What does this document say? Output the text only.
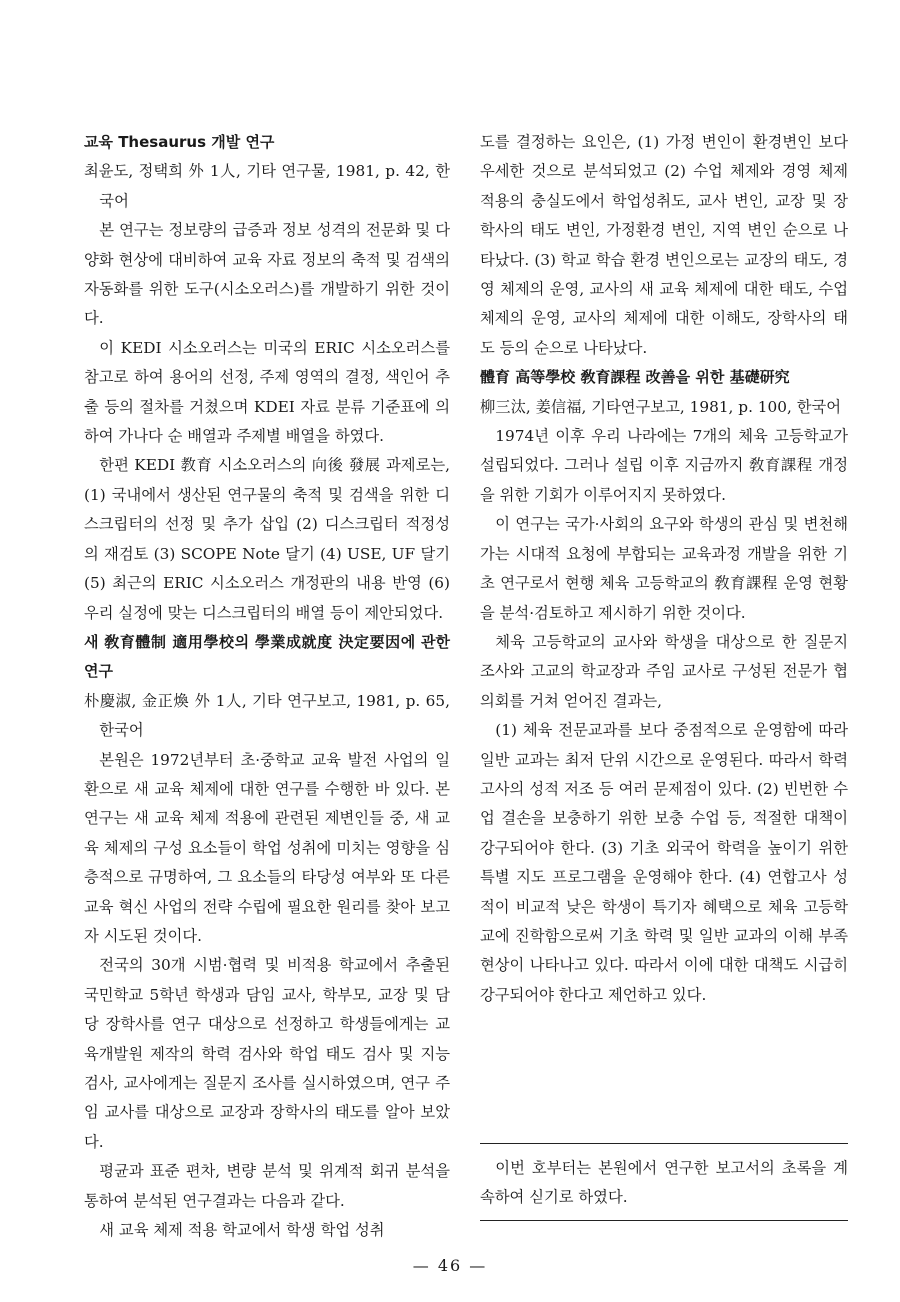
교육 Thesaurus 개발 연구

최윤도, 정택희 外 1人, 기타 연구물, 1981, p. 42, 한국어

본 연구는 정보량의 급증과 정보 성격의 전문화 및 다양화 현상에 대비하여 교육 자료 정보의 축적 및 검색의 자동화를 위한 도구(시소오러스)를 개발하기 위한 것이다.

이 KEDI 시소오러스는 미국의 ERIC 시소오러스를 참고로 하여 용어의 선정, 주제 영역의 결정, 색인어 추출 등의 절차를 거쳤으며 KDEI 자료 분류 기준표에 의하여 가나다 순 배열과 주제별 배열을 하였다.

한편 KEDI 教育 시소오러스의 向後 發展 과제로는, (1) 국내에서 생산된 연구물의 축적 및 검색을 위한 디스크립터의 선정 및 추가 삽입 (2) 디스크립터 적정성의 재검토 (3) SCOPE Note 달기 (4) USE, UF 달기 (5) 최근의 ERIC 시소오러스 개정판의 내용 반영 (6) 우리 실정에 맞는 디스크립터의 배열 등이 제안되었다.

새 敎育體制 適用學校의 學業成就度 決定要因에 관한 연구

朴慶淑, 金正煥 外 1人, 기타 연구보고, 1981, p. 65, 한국어

본원은 1972년부터 초·중학교 교육 발전 사업의 일환으로 새 교육 체제에 대한 연구를 수행한 바 있다. 본 연구는 새 교육 체제 적용에 관련된 제변인들 중, 새 교육 체제의 구성 요소들이 학업 성취에 미치는 영향을 심층적으로 규명하여, 그 요소들의 타당성 여부와 또 다른 교육 혁신 사업의 전략 수립에 필요한 원리를 찾아 보고자 시도된 것이다.

전국의 30개 시범·협력 및 비적용 학교에서 추출된 국민학교 5학년 학생과 담임 교사, 학부모, 교장 및 담당 장학사를 연구 대상으로 선정하고 학생들에게는 교육개발원 제작의 학력 검사와 학업 태도 검사 및 지능 검사, 교사에게는 질문지 조사를 실시하였으며, 연구 주임 교사를 대상으로 교장과 장학사의 태도를 알아 보았다.

평균과 표준 편차, 변량 분석 및 위계적 회귀 분석을 통하여 분석된 연구결과는 다음과 같다.

새 교육 체제 적용 학교에서 학생 학업 성취

도를 결정하는 요인은, (1) 가정 변인이 환경변인 보다 우세한 것으로 분석되었고 (2) 수업 체제와 경영 체제 적용의 충실도에서 학업성취도, 교사 변인, 교장 및 장학사의 태도 변인, 가정환경 변인, 지역 변인 순으로 나타났다. (3) 학교 학습 환경 변인으로는 교장의 태도, 경영 체제의 운영, 교사의 새 교육 체제에 대한 태도, 수업 체제의 운영, 교사의 체제에 대한 이해도, 장학사의 태도 등의 순으로 나타났다.

體育 高等學校 敎育課程 改善을 위한 基礎研究

柳三汰, 姜信福, 기타연구보고, 1981, p. 100, 한국어

1974년 이후 우리 나라에는 7개의 체육 고등학교가 설립되었다. 그러나 설립 이후 지금까지 敎育課程 개정을 위한 기회가 이루어지지 못하였다.

이 연구는 국가·사회의 요구와 학생의 관심 및 변천해 가는 시대적 요청에 부합되는 교육과정 개발을 위한 기초 연구로서 현행 체육 고등학교의 敎育課程 운영 현황을 분석·검토하고 제시하기 위한 것이다.

체육 고등학교의 교사와 학생을 대상으로 한 질문지 조사와 고교의 학교장과 주임 교사로 구성된 전문가 협의회를 거쳐 얻어진 결과는,

(1) 체육 전문교과를 보다 중점적으로 운영함에 따라 일반 교과는 최저 단위 시간으로 운영된다. 따라서 학력 고사의 성적 저조 등 여러 문제점이 있다. (2) 빈번한 수업 결손을 보충하기 위한 보충 수업 등, 적절한 대책이 강구되어야 한다. (3) 기초 외국어 학력을 높이기 위한 특별 지도 프로그램을 운영해야 한다. (4) 연합고사 성적이 비교적 낮은 학생이 특기자 혜택으로 체육 고등학교에 진학함으로써 기초 학력 및 일반 교과의 이해 부족 현상이 나타나고 있다. 따라서 이에 대한 대책도 시급히 강구되어야 한다고 제언하고 있다.

이번 호부터는 본원에서 연구한 보고서의 초록을 계속하여 싣기로 하였다.

— 46 —
